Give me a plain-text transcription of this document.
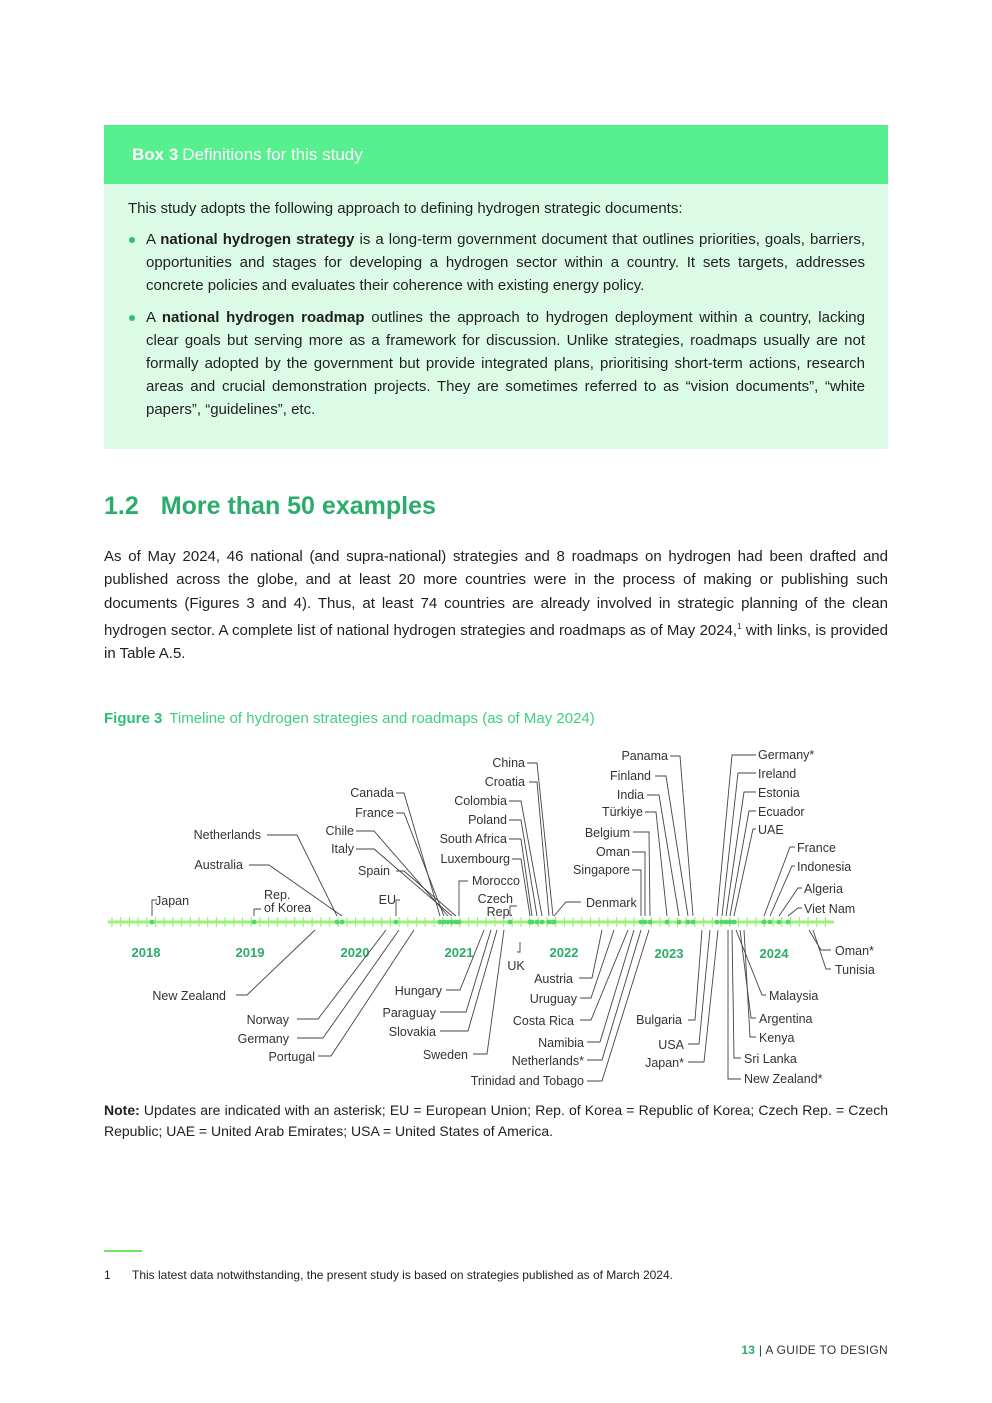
Box 3 Definitions for this study

This study adopts the following approach to defining hydrogen strategic documents:

A national hydrogen strategy is a long-term government document that outlines priorities, goals, barriers, opportunities and stages for developing a hydrogen sector within a country. It sets targets, addresses concrete policies and evaluates their coherence with existing energy policy.
A national hydrogen roadmap outlines the approach to hydrogen deployment within a country, lacking clear goals but serving more as a framework for discussion. Unlike strategies, roadmaps usually are not formally adopted by the government but provide integrated plans, prioritising short-term actions, research areas and crucial demonstration projects. They are sometimes referred to as “vision documents”, “white papers”, “guidelines”, etc.
1.2 More than 50 examples

As of May 2024, 46 national (and supra-national) strategies and 8 roadmaps on hydrogen had been drafted and published across the globe, and at least 20 more countries were in the process of making or publishing such documents (Figures 3 and 4). Thus, at least 74 countries are already involved in strategic planning of the clean hydrogen sector. A complete list of national hydrogen strategies and roadmaps as of May 2024,$^1$ with links, is provided in Table A.5.

Figure 3 Timeline of hydrogen strategies and roadmaps (as of May 2024)
2018	2019	2020	2021	2022	2023	2024
Japan	Rep. of Korea
Netherlands
Australia
Canada
France
Chile
Italy
Spain
EU
China
Croatia
Colombia
Poland
South Africa
Luxembourg
Morocco
Czech Rep.
Panama
Finland
India
Türkiye
Belgium
Oman
Singapore
Denmark
Germany*
Ireland
Estonia
Ecuador
UAE
France
Indonesia
Algeria
Viet Nam
New Zealand
Norway
Germany
Portugal
Hungary
Paraguay
Slovakia
Sweden
UK
Austria
Uruguay
Costa Rica
Namibia
Netherlands*
Trinidad and Tobago
Bulgaria
USA
Japan*
Malaysia
Argentina
Kenya
Sri Lanka
New Zealand*
Oman*
Tunisia

Note: Updates are indicated with an asterisk; EU = European Union; Rep. of Korea = Republic of Korea; Czech Rep. = Czech Republic; UAE = United Arab Emirates; USA = United States of America.

1 This latest data notwithstanding, the present study is based on strategies published as of March 2024.
13 | A GUIDE TO DESIGN
